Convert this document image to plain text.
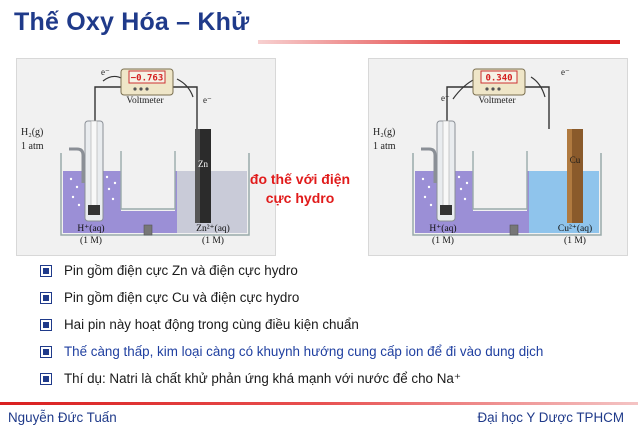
Thế Oxy Hóa – Khử
−0.763
Voltmeter
e⁻
e⁻
Zn
H₂(g)
1 atm
H⁺(aq)
(1 M)
Zn²⁺(aq)
(1 M)
0.340
Voltmeter
e⁻
e⁻
Cu
H₂(g)
1 atm
H⁺(aq)
(1 M)
Cu²⁺(aq)
(1 M)
đo thế với điện
cực hydro
Pin gồm điện cực Zn và điện cực hydro
Pin gồm điện cực Cu và điện cực hydro
Hai pin này hoạt động trong cùng điều kiện chuẩn
Thế càng thấp, kim loại càng có khuynh hướng cung cấp ion để đi vào dung dịch
Thí dụ: Natri là chất khử phản ứng khá mạnh với nước để cho Na⁺
Nguyễn Đức Tuấn	Đại học Y Dược TPHCM
